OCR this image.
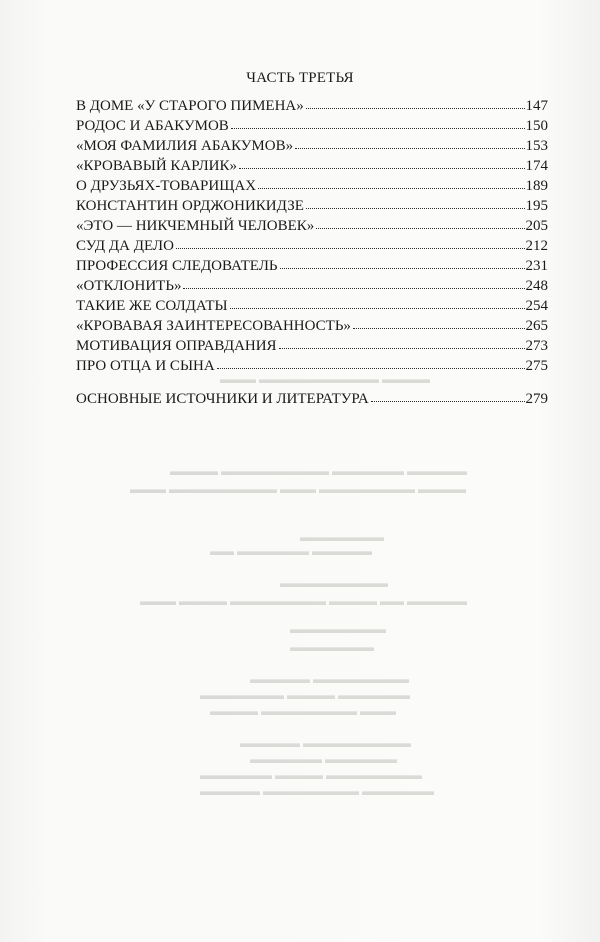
▬▬▬▬ ▬▬▬▬▬▬▬▬▬▬ ▬▬▬
▬▬▬▬▬ ▬▬▬▬▬▬ ▬▬▬▬▬▬▬▬▬ ▬▬▬▬
▬▬▬▬ ▬▬▬▬▬▬▬▬ ▬▬▬ ▬▬▬▬▬▬▬▬▬ ▬▬▬
▬▬▬▬▬▬▬
▬▬▬▬▬ ▬▬▬▬▬▬ ▬▬
▬▬▬▬▬▬▬▬▬
▬▬▬▬▬ ▬▬ ▬▬▬▬ ▬▬▬▬▬▬▬▬ ▬▬▬▬ ▬▬▬
▬▬▬▬▬▬▬▬
▬▬▬▬▬▬▬
▬▬▬▬▬▬▬▬ ▬▬▬▬▬
▬▬▬▬▬▬ ▬▬▬▬ ▬▬▬▬▬▬▬
▬▬▬ ▬▬▬▬▬▬▬▬ ▬▬▬▬
▬▬▬▬▬▬▬▬▬ ▬▬▬▬▬
▬▬▬▬▬▬ ▬▬▬▬▬▬
▬▬▬▬▬▬▬▬ ▬▬▬▬ ▬▬▬▬▬▬
▬▬▬▬▬▬ ▬▬▬▬▬▬▬▬ ▬▬▬▬▬
ЧАСТЬ ТРЕТЬЯ
В ДОМЕ «У СТАРОГО ПИМЕНА»	147
РОДОС И АБАКУМОВ	150
«МОЯ ФАМИЛИЯ АБАКУМОВ»	153
«КРОВАВЫЙ КАРЛИК»	174
О ДРУЗЬЯХ-ТОВАРИЩАХ	189
КОНСТАНТИН ОРДЖОНИКИДЗЕ	195
«ЭТО — НИКЧЕМНЫЙ ЧЕЛОВЕК»	205
СУД ДА ДЕЛО	212
ПРОФЕССИЯ СЛЕДОВАТЕЛЬ	231
«ОТКЛОНИТЬ»	248
ТАКИЕ ЖЕ СОЛДАТЫ	254
«КРОВАВАЯ ЗАИНТЕРЕСОВАННОСТЬ»	265
МОТИВАЦИЯ ОПРАВДАНИЯ	273
ПРО ОТЦА И СЫНА	275
ОСНОВНЫЕ ИСТОЧНИКИ И ЛИТЕРАТУРА	279
